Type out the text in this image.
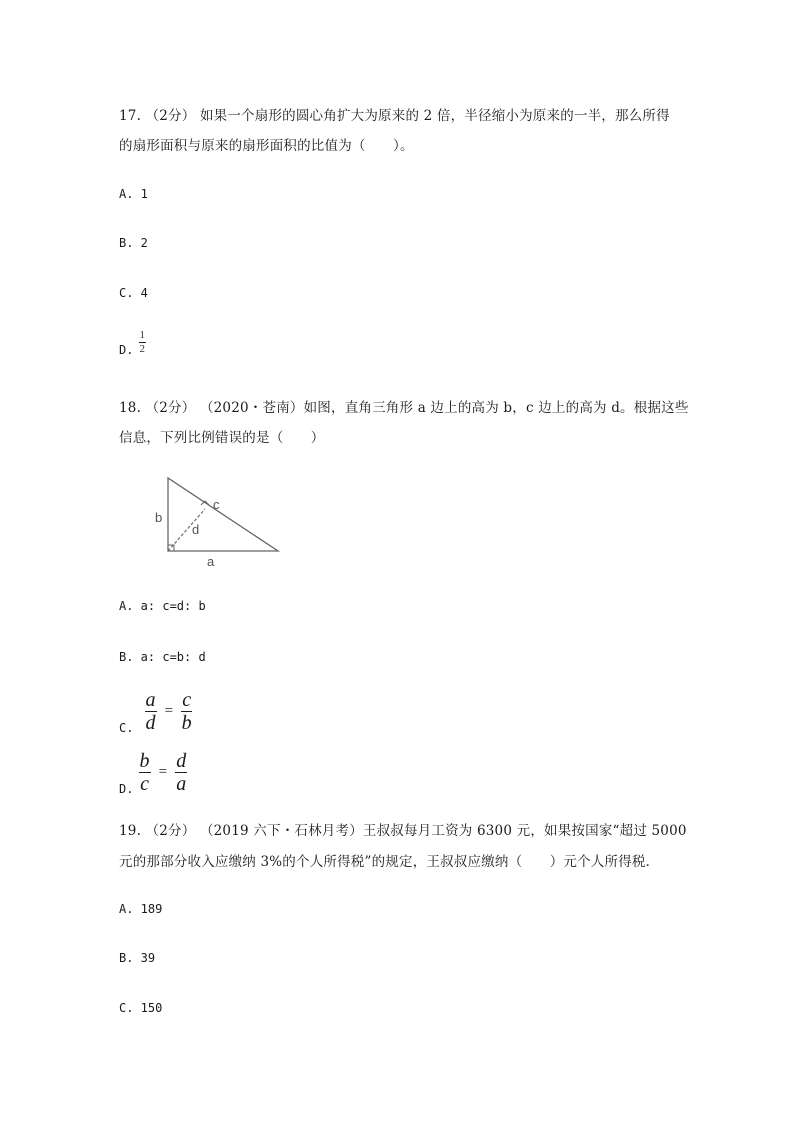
17. （2分） 如果一个扇形的圆心角扩大为原来的 2 倍，半径缩小为原来的一半，那么所得
的扇形面积与原来的扇形面积的比值为（　　）。
A. 1
B. 2
C. 4
D. $\frac{1}{2}$
18. （2分） （2020・苍南）如图，直角三角形 a 边上的高为 b，c 边上的高为 d。根据这些
信息，下列比例错误的是（　　）
b
d
c
a
A. a: c=d: b
B. a: c=b: d
C. $\frac{a}{d} = \frac{c}{b}$
D. $\frac{b}{c} = \frac{d}{a}$
19. （2分） （2019 六下・石林月考）王叔叔每月工资为 6300 元，如果按国家“超过 5000
元的那部分收入应缴纳 3%的个人所得税”的规定，王叔叔应缴纳（　　）元个人所得税．
A. 189
B. 39
C. 150
